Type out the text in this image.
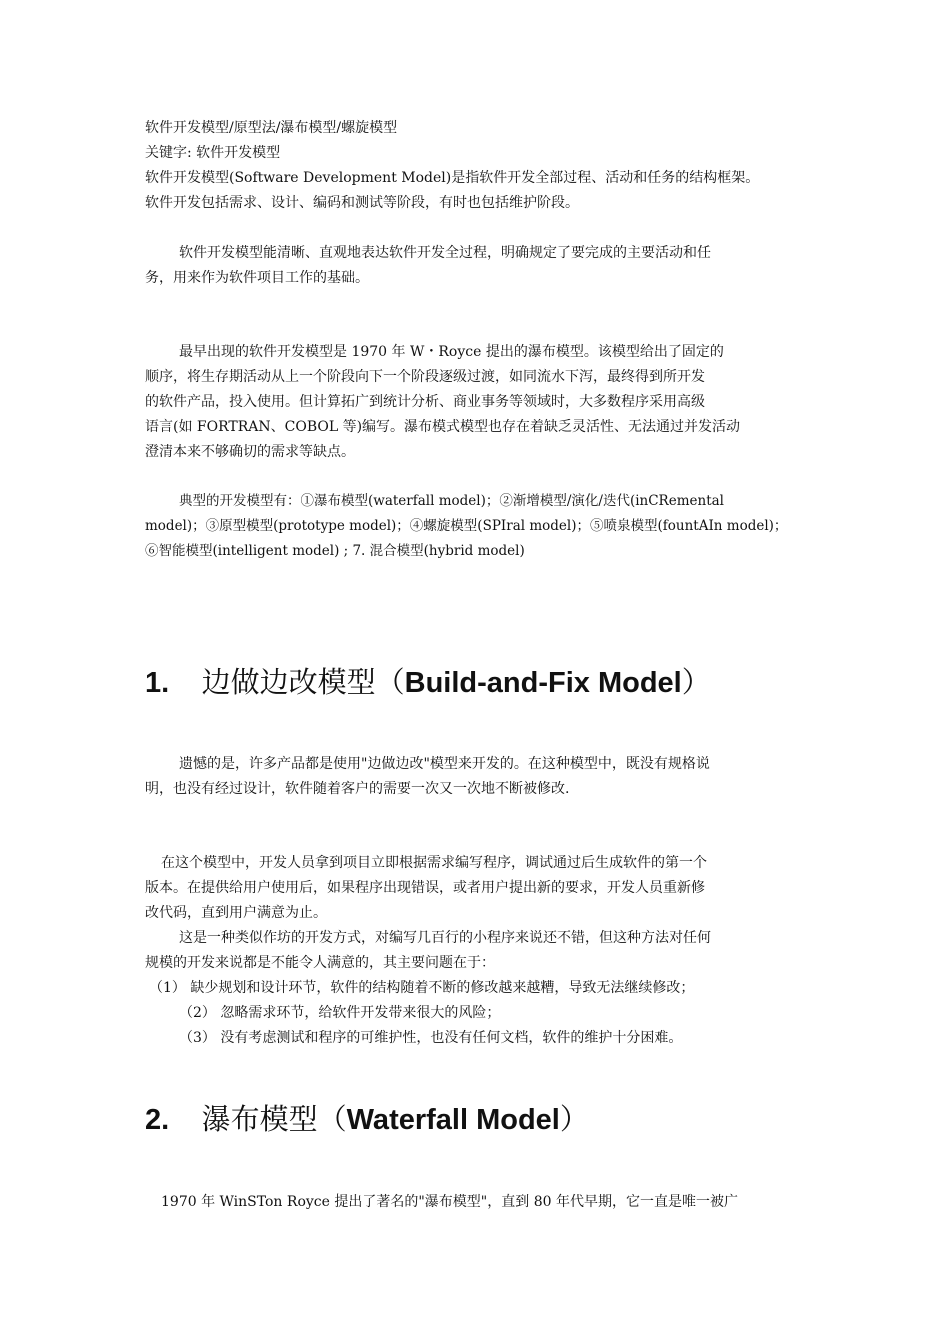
软件开发模型/原型法/瀑布模型/螺旋模型
关键字: 软件开发模型
软件开发模型(Software Development Model)是指软件开发全部过程、活动和任务的结构框架。
软件开发包括需求、设计、编码和测试等阶段，有时也包括维护阶段。
软件开发模型能清晰、直观地表达软件开发全过程，明确规定了要完成的主要活动和任
务，用来作为软件项目工作的基础。
最早出现的软件开发模型是 1970 年 W・Royce 提出的瀑布模型。该模型给出了固定的
顺序，将生存期活动从上一个阶段向下一个阶段逐级过渡，如同流水下泻，最终得到所开发
的软件产品，投入使用。但计算拓广到统计分析、商业事务等领域时，大多数程序采用高级
语言(如 FORTRAN、COBOL 等)编写。瀑布模式模型也存在着缺乏灵活性、无法通过并发活动
澄清本来不够确切的需求等缺点。
典型的开发模型有：①瀑布模型(waterfall model)；②渐增模型/演化/迭代(inCRemental
model)；③原型模型(prototype model)；④螺旋模型(SPIral model)；⑤喷泉模型(fountAIn model)；
⑥智能模型(intelligent model) ; 7. 混合模型(hybrid model)
1. 边做边改模型（Build-and-Fix Model）
遗憾的是，许多产品都是使用"边做边改"模型来开发的。在这种模型中，既没有规格说
明，也没有经过设计，软件随着客户的需要一次又一次地不断被修改.
在这个模型中，开发人员拿到项目立即根据需求编写程序，调试通过后生成软件的第一个
版本。在提供给用户使用后，如果程序出现错误，或者用户提出新的要求，开发人员重新修
改代码，直到用户满意为止。
这是一种类似作坊的开发方式，对编写几百行的小程序来说还不错，但这种方法对任何
规模的开发来说都是不能令人满意的，其主要问题在于：
（1） 缺少规划和设计环节，软件的结构随着不断的修改越来越糟，导致无法继续修改；
（2） 忽略需求环节，给软件开发带来很大的风险；
（3） 没有考虑测试和程序的可维护性，也没有任何文档，软件的维护十分困难。
2. 瀑布模型（Waterfall Model）
1970 年 WinSTon Royce 提出了著名的"瀑布模型"，直到 80 年代早期，它一直是唯一被广
